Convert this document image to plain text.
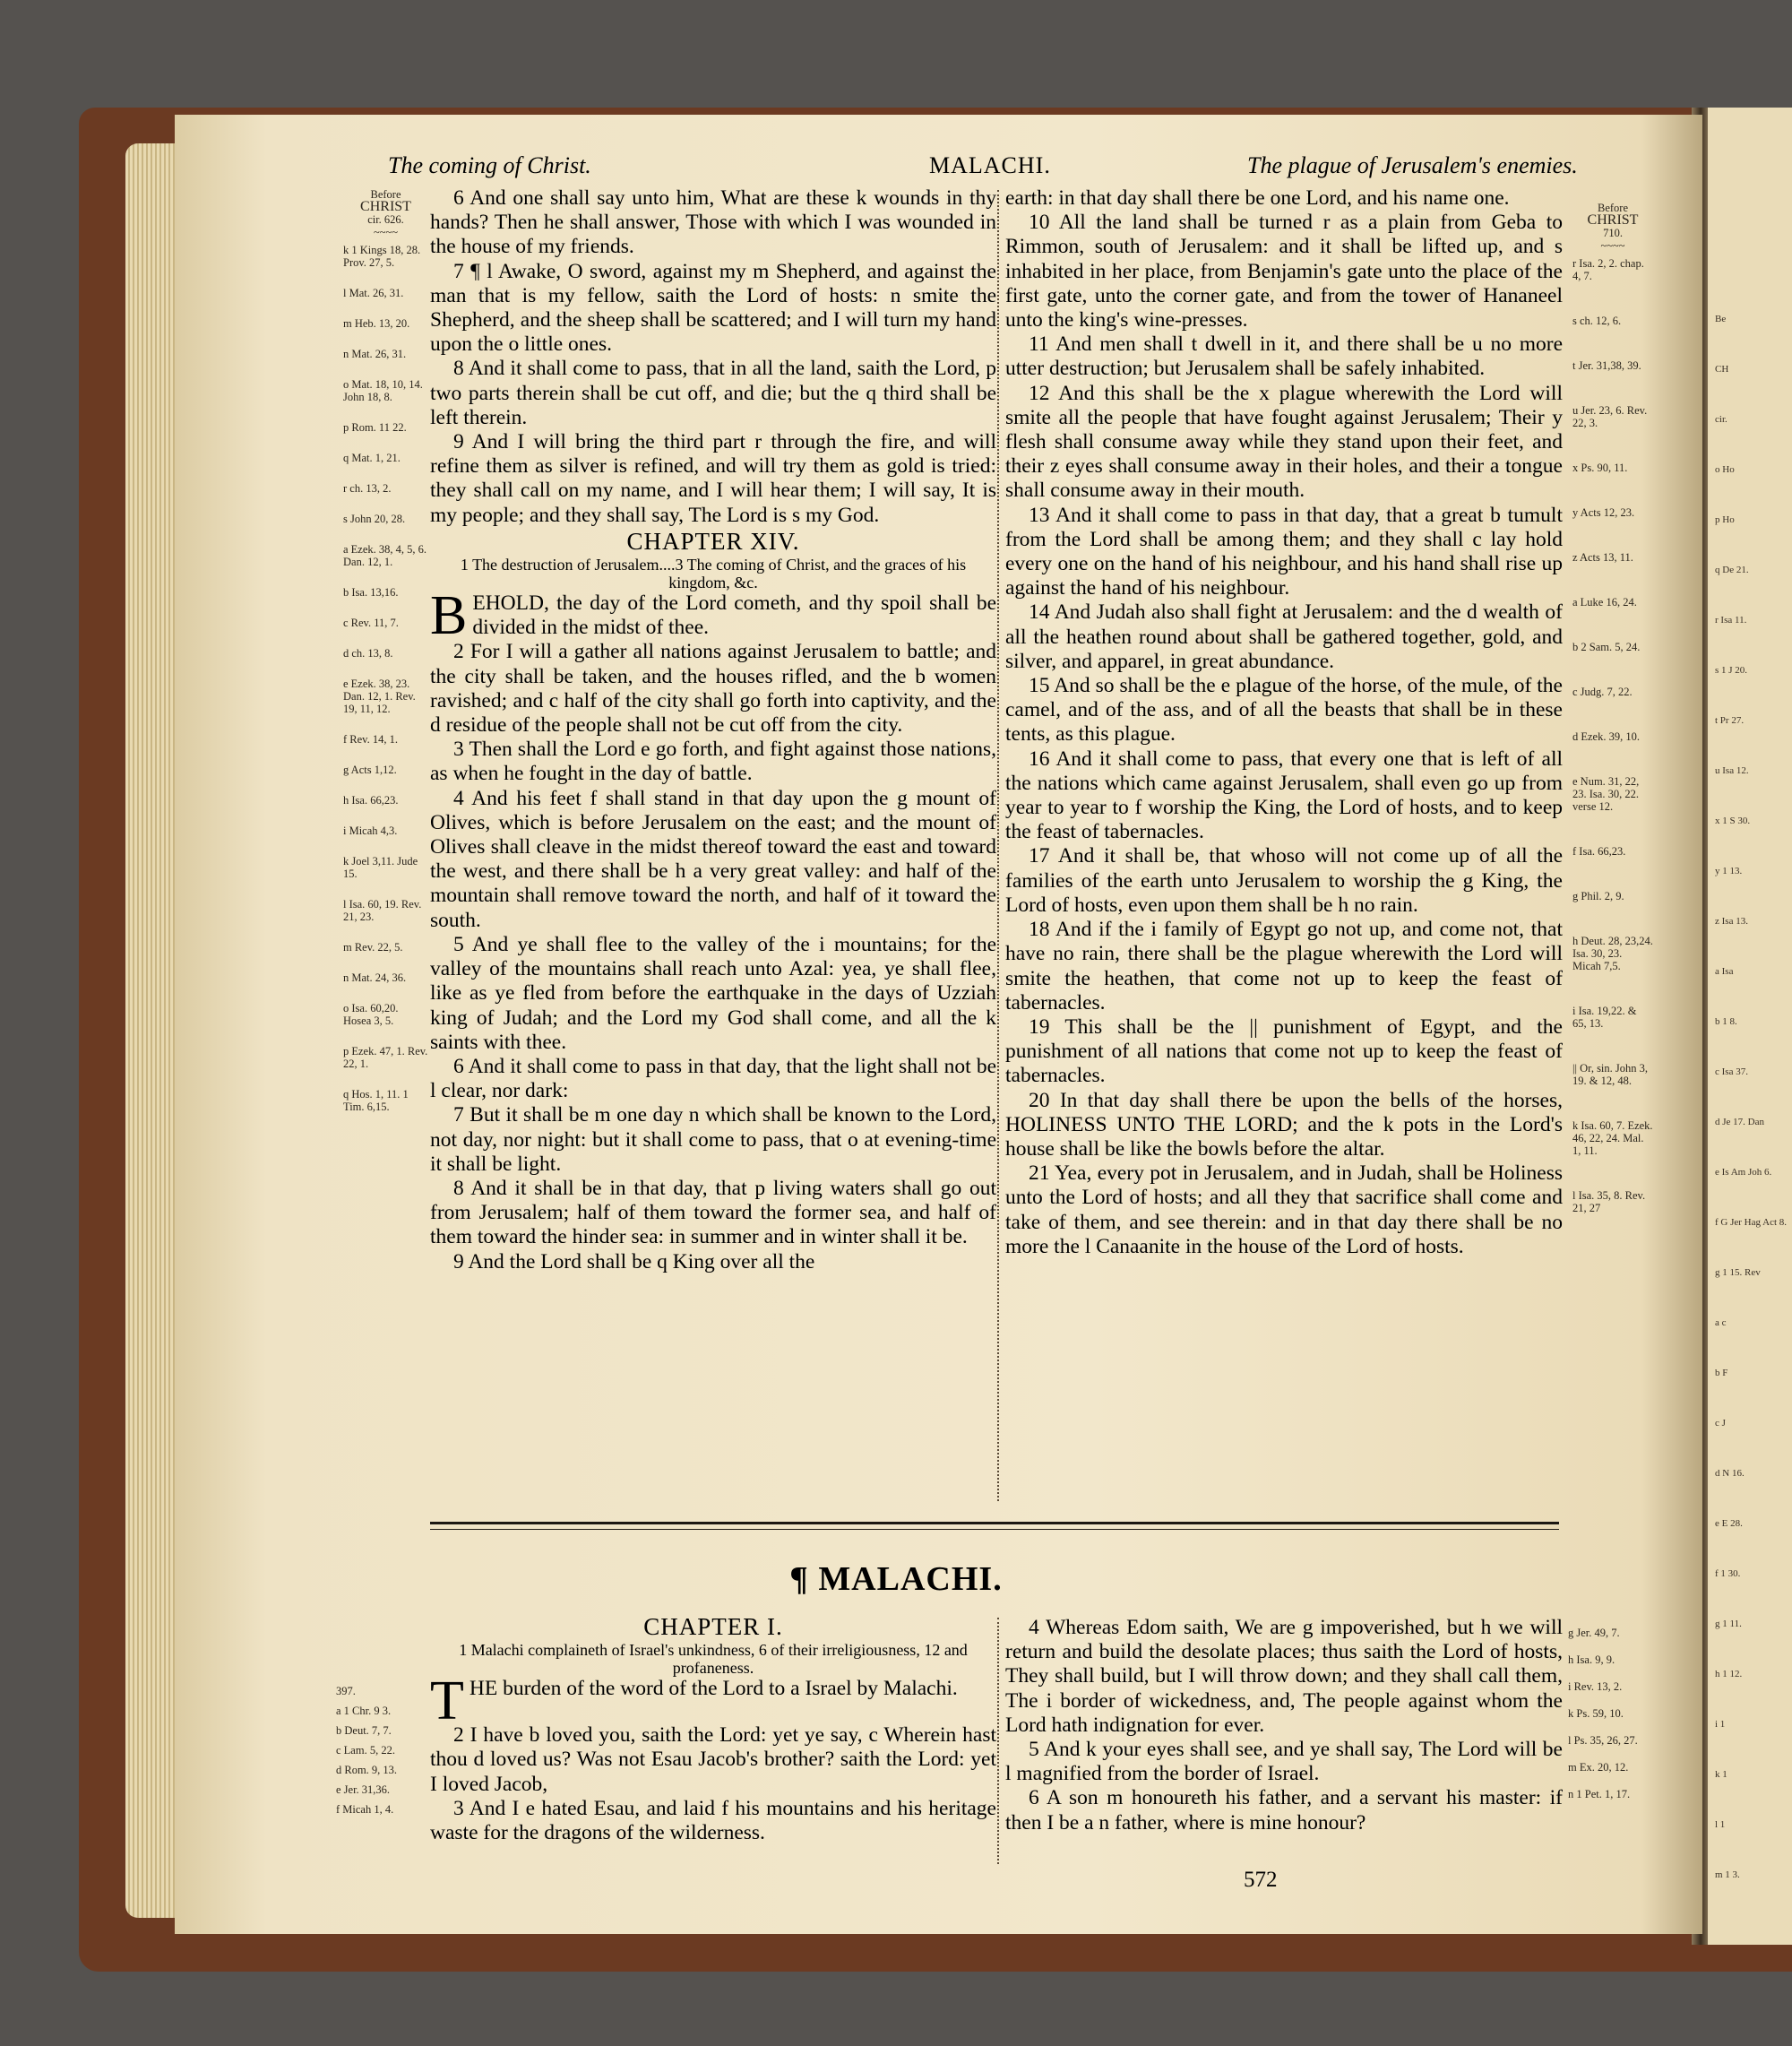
Be
CH
cir.
o Ho
p Ho
q De 21.
r Isa 11.
s 1 J 20.
t Pr 27.
u Isa 12.
x 1 S 30.
y 1 13.
z Isa 13.
a Isa
b 1 8.
c Isa 37.
d Je 17. Dan
e Is Am Joh 6.
f G Jer Hag Act 8.
g 1 15. Rev
a c
b F
c J
d N 16.
e E 28.
f 1 30.
g 1 11.
h 1 12.
i 1
k 1
l 1
m 1 3.
The coming of Christ.	MALACHI.	The plague of Jerusalem's enemies.
Before
CHRIST
cir. 626.
~~~~
k 1 Kings 18, 28. Prov. 27, 5.
l Mat. 26, 31.
m Heb. 13, 20.
n Mat. 26, 31.
o Mat. 18, 10, 14. John 18, 8.
p Rom. 11 22.
q Mat. 1, 21.
r ch. 13, 2.
s John 20, 28.
a Ezek. 38, 4, 5, 6. Dan. 12, 1.
b Isa. 13,16.
c Rev. 11, 7.
d ch. 13, 8.
e Ezek. 38, 23. Dan. 12, 1. Rev. 19, 11, 12.
f Rev. 14, 1.
g Acts 1,12.
h Isa. 66,23.
i Micah 4,3.
k Joel 3,11. Jude 15.
l Isa. 60, 19. Rev. 21, 23.
m Rev. 22, 5.
n Mat. 24, 36.
o Isa. 60,20. Hosea 3, 5.
p Ezek. 47, 1. Rev. 22, 1.
q Hos. 1, 11. 1 Tim. 6,15.

6 And one shall say unto him, What are these k wounds in thy hands? Then he shall answer, Those with which I was wounded in the house of my friends.

7 ¶ l Awake, O sword, against my m Shepherd, and against the man that is my fellow, saith the Lord of hosts: n smite the Shepherd, and the sheep shall be scattered; and I will turn my hand upon the o little ones.

8 And it shall come to pass, that in all the land, saith the Lord, p two parts therein shall be cut off, and die; but the q third shall be left therein.

9 And I will bring the third part r through the fire, and will refine them as silver is refined, and will try them as gold is tried: they shall call on my name, and I will hear them; I will say, It is my people; and they shall say, The Lord is s my God.

CHAPTER XIV.

1 The destruction of Jerusalem....3 The coming of Christ, and the graces of his kingdom, &c.

BEHOLD, the day of the Lord cometh, and thy spoil shall be divided in the midst of thee.

2 For I will a gather all nations against Jerusalem to battle; and the city shall be taken, and the houses rifled, and the b women ravished; and c half of the city shall go forth into captivity, and the d residue of the people shall not be cut off from the city.

3 Then shall the Lord e go forth, and fight against those nations, as when he fought in the day of battle.

4 And his feet f shall stand in that day upon the g mount of Olives, which is before Jerusalem on the east; and the mount of Olives shall cleave in the midst thereof toward the east and toward the west, and there shall be h a very great valley: and half of the mountain shall remove toward the north, and half of it toward the south.

5 And ye shall flee to the valley of the i mountains; for the valley of the mountains shall reach unto Azal: yea, ye shall flee, like as ye fled from before the earthquake in the days of Uzziah king of Judah; and the Lord my God shall come, and all the k saints with thee.

6 And it shall come to pass in that day, that the light shall not be l clear, nor dark:

7 But it shall be m one day n which shall be known to the Lord, not day, nor night: but it shall come to pass, that o at evening-time it shall be light.

8 And it shall be in that day, that p living waters shall go out from Jerusalem; half of them toward the former sea, and half of them toward the hinder sea: in summer and in winter shall it be.

9 And the Lord shall be q King over all the

earth: in that day shall there be one Lord, and his name one.

10 All the land shall be turned r as a plain from Geba to Rimmon, south of Jerusalem: and it shall be lifted up, and s inhabited in her place, from Benjamin's gate unto the place of the first gate, unto the corner gate, and from the tower of Hananeel unto the king's wine-presses.

11 And men shall t dwell in it, and there shall be u no more utter destruction; but Jerusalem shall be safely inhabited.

12 And this shall be the x plague wherewith the Lord will smite all the people that have fought against Jerusalem; Their y flesh shall consume away while they stand upon their feet, and their z eyes shall consume away in their holes, and their a tongue shall consume away in their mouth.

13 And it shall come to pass in that day, that a great b tumult from the Lord shall be among them; and they shall c lay hold every one on the hand of his neighbour, and his hand shall rise up against the hand of his neighbour.

14 And Judah also shall fight at Jerusalem: and the d wealth of all the heathen round about shall be gathered together, gold, and silver, and apparel, in great abundance.

15 And so shall be the e plague of the horse, of the mule, of the camel, and of the ass, and of all the beasts that shall be in these tents, as this plague.

16 And it shall come to pass, that every one that is left of all the nations which came against Jerusalem, shall even go up from year to year to f worship the King, the Lord of hosts, and to keep the feast of tabernacles.

17 And it shall be, that whoso will not come up of all the families of the earth unto Jerusalem to worship the g King, the Lord of hosts, even upon them shall be h no rain.

18 And if the i family of Egypt go not up, and come not, that have no rain, there shall be the plague wherewith the Lord will smite the heathen, that come not up to keep the feast of tabernacles.

19 This shall be the || punishment of Egypt, and the punishment of all nations that come not up to keep the feast of tabernacles.

20 In that day shall there be upon the bells of the horses, HOLINESS UNTO THE LORD; and the k pots in the Lord's house shall be like the bowls before the altar.

21 Yea, every pot in Jerusalem, and in Judah, shall be Holiness unto the Lord of hosts; and all they that sacrifice shall come and take of them, and see therein: and in that day there shall be no more the l Canaanite in the house of the Lord of hosts.

Before
CHRIST
710.
~~~~
r Isa. 2, 2. chap. 4, 7.
s ch. 12, 6.
t Jer. 31,38, 39.
u Jer. 23, 6. Rev. 22, 3.
x Ps. 90, 11.
y Acts 12, 23.
z Acts 13, 11.
a Luke 16, 24.
b 2 Sam. 5, 24.
c Judg. 7, 22.
d Ezek. 39, 10.
e Num. 31, 22, 23. Isa. 30, 22. verse 12.
f Isa. 66,23.
g Phil. 2, 9.
h Deut. 28, 23,24. Isa. 30, 23. Micah 7,5.
i Isa. 19,22. & 65, 13.
|| Or, sin. John 3, 19. & 12, 48.
k Isa. 60, 7. Ezek. 46, 22, 24. Mal. 1, 11.
l Isa. 35, 8. Rev. 21, 27
¶ MALACHI.
397.
a 1 Chr. 9 3.
b Deut. 7, 7.
c Lam. 5, 22.
d Rom. 9, 13.
e Jer. 31,36.
f Micah 1, 4.
CHAPTER I.

1 Malachi complaineth of Israel's unkindness, 6 of their irreligiousness, 12 and profaneness.

THE burden of the word of the Lord to a Israel by Malachi.

2 I have b loved you, saith the Lord: yet ye say, c Wherein hast thou d loved us? Was not Esau Jacob's brother? saith the Lord: yet I loved Jacob,

3 And I e hated Esau, and laid f his mountains and his heritage waste for the dragons of the wilderness.

4 Whereas Edom saith, We are g impoverished, but h we will return and build the desolate places; thus saith the Lord of hosts, They shall build, but I will throw down; and they shall call them, The i border of wickedness, and, The people against whom the Lord hath indignation for ever.

5 And k your eyes shall see, and ye shall say, The Lord will be l magnified from the border of Israel.

6 A son m honoureth his father, and a servant his master: if then I be a n father, where is mine honour?

g Jer. 49, 7.
h Isa. 9, 9.
i Rev. 13, 2.
k Ps. 59, 10.
l Ps. 35, 26, 27.
m Ex. 20, 12.
n 1 Pet. 1, 17.
572
